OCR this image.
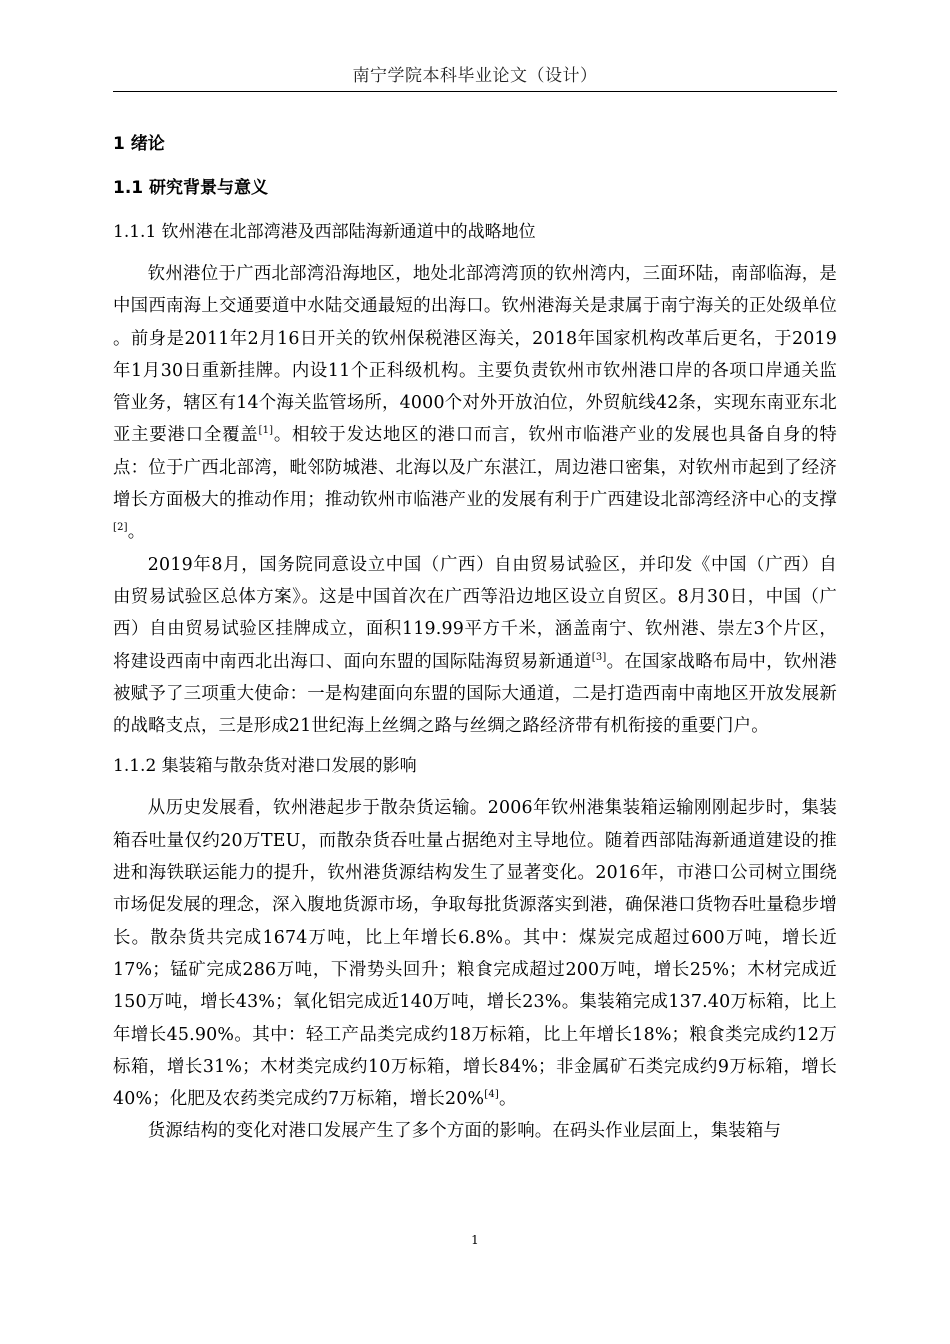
南宁学院本科毕业论文（设计）
1 绪论
1.1 研究背景与意义
1.1.1 钦州港在北部湾港及西部陆海新通道中的战略地位

钦州港位于广西北部湾沿海地区，地处北部湾湾顶的钦州湾内，三面环陆，南部临海，是中国西南海上交通要道中水陆交通最短的出海口。钦州港海关是隶属于南宁海关的正处级单位 。前身是2011年2月16日开关的钦州保税港区海关，2018年国家机构改革后更名，于2019年1月30日重新挂牌。内设11个正科级机构。主要负责钦州市钦州港口岸的各项口岸通关监管业务，辖区有14个海关监管场所，4000个对外开放泊位，外贸航线42条，实现东南亚东北亚主要港口全覆盖[1]。相较于发达地区的港口而言，钦州市临港产业的发展也具备自身的特点：位于广西北部湾，毗邻防城港、北海以及广东湛江，周边港口密集，对钦州市起到了经济增长方面极大的推动作用；推动钦州市临港产业的发展有利于广西建设北部湾经济中心的支撑[2]。

2019年8月，国务院同意设立中国（广西）自由贸易试验区，并印发《中国（广西）自由贸易试验区总体方案》。这是中国首次在广西等沿边地区设立自贸区。8月30日，中国（广西）自由贸易试验区挂牌成立，面积119.99平方千米，涵盖南宁、钦州港、崇左3个片区，将建设西南中南西北出海口、面向东盟的国际陆海贸易新通道[3]。在国家战略布局中，钦州港被赋予了三项重大使命：一是构建面向东盟的国际大通道，二是打造西南中南地区开放发展新的战略支点，三是形成21世纪海上丝绸之路与丝绸之路经济带有机衔接的重要门户。

1.1.2 集装箱与散杂货对港口发展的影响

从历史发展看，钦州港起步于散杂货运输。2006年钦州港集装箱运输刚刚起步时，集装箱吞吐量仅约20万TEU，而散杂货吞吐量占据绝对主导地位。随着西部陆海新通道建设的推进和海铁联运能力的提升，钦州港货源结构发生了显著变化。2016年，市港口公司树立围绕市场促发展的理念，深入腹地货源市场，争取每批货源落实到港，确保港口货物吞吐量稳步增长。散杂货共完成1674万吨，比上年增长6.8%。其中：煤炭完成超过600万吨，增长近17%；锰矿完成286万吨，下滑势头回升；粮食完成超过200万吨，增长25%；木材完成近150万吨，增长43%；氧化铝完成近140万吨，增长23%。集装箱完成137.40万标箱，比上年增长45.90%。其中：轻工产品类完成约18万标箱，比上年增长18%；粮食类完成约12万标箱，增长31%；木材类完成约10万标箱，增长84%；非金属矿石类完成约9万标箱，增长40%；化肥及农药类完成约7万标箱，增长20%[4]。

货源结构的变化对港口发展产生了多个方面的影响。在码头作业层面上，集装箱与

1
